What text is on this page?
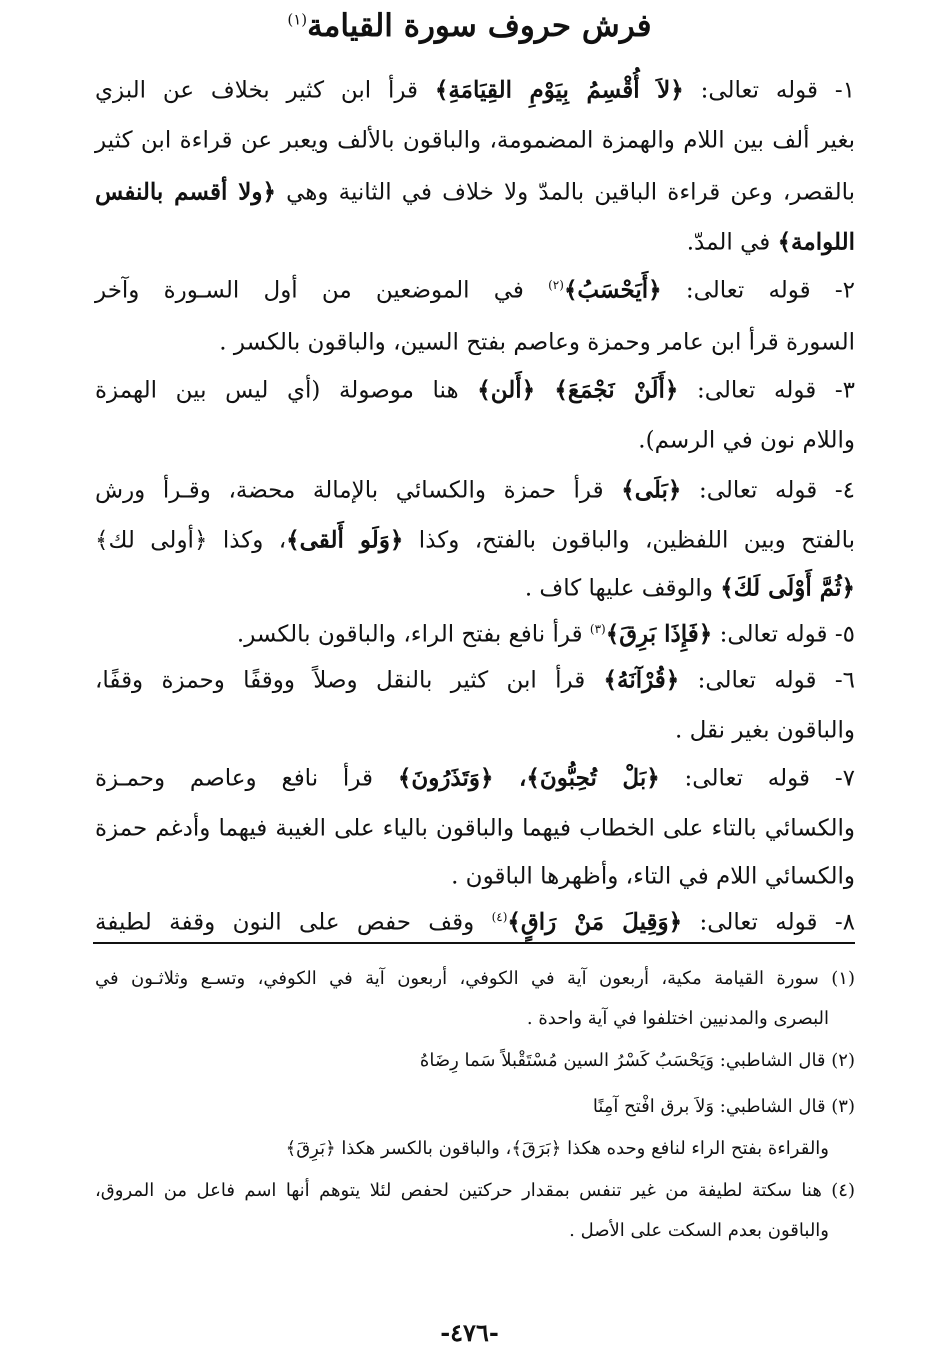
فرش حروف سورة القيامة$^{(١)}$
١- قوله تعالى: ﴿لاَ أُقْسِمُ بِيَوْمِ القِيَامَةِ﴾ قرأ ابن كثير بخلاف عن البزي
بغير ألف بين اللام والهمزة المضمومة، والباقون بالألف ويعبر عن قراءة ابن كثير
بالقصر، وعن قراءة الباقين بالمدّ ولا خلاف في الثانية وهي ﴿ولا أقسم بالنفس
اللوامة﴾ في المدّ.
٢- قوله تعالى: ﴿أَيَحْسَبُ﴾$^{(٢)}$ في الموضعين من أول السـورة وآخر
السورة قرأ ابن عامر وحمزة وعاصم بفتح السين، والباقون بالكسر .
٣- قوله تعالى: ﴿أَلَنْ نَجْمَعَ﴾ ﴿أَلن﴾ هنا موصولة (أي ليس بين الهمزة
واللام نون في الرسم).
٤- قوله تعالى: ﴿بَلَى﴾ قرأ حمزة والكسائي بالإمالة محضة، وقـرأ ورش
بالفتح وبين اللفظين، والباقون بالفتح، وكذا ﴿وَلَو أَلقى﴾، وكذا ﴿أولى لك﴾
﴿ثُمَّ أَوْلَى لَكَ﴾ والوقف عليها كاف .
٥- قوله تعالى: ﴿فَإِذَا بَرِقَ﴾$^{(٣)}$ قرأ نافع بفتح الراء، والباقون بالكسر.
٦- قوله تعالى: ﴿قُرْآنَهُ﴾ قرأ ابن كثير بالنقل وصلاً ووقفًا وحمزة وقفًا،
والباقون بغير نقل .
٧- قوله تعالى: ﴿بَلْ تُحِبُّونَ﴾، ﴿وَتَذَرُونَ﴾ قرأ نافع وعاصم وحمـزة
والكسائي بالتاء على الخطاب فيهما والباقون بالياء على الغيبة فيهما وأدغم حمزة
والكسائي اللام في التاء، وأظهرها الباقون .
٨- قوله تعالى: ﴿وَقِيلَ مَنْ رَاقٍ﴾$^{(٤)}$ وقف حفص على النون وقفة لطيفة
(١) سورة القيامة مكية، أربعون آية في الكوفي، أربعون آية في الكوفي، وتسـع وثلاثـون في
البصرى والمدنيين اختلفوا في آية واحدة .
(٢) قال الشاطبي: وَيَحْسَبُ كَسْرُ السين مُسْتَقْبلاً سَما رِضَاهُ
(٣) قال الشاطبي: وَلاَ برق افْتح آمِنًا
والقراءة بفتح الراء لنافع وحده هكذا ﴿بَرَقَ﴾، والباقون بالكسر هكذا ﴿بَرِقَ﴾
(٤) هنا سكتة لطيفة من غير تنفس بمقدار حركتين لحفص لئلا يتوهم أنها اسم فاعل من المروق،
والباقون بعدم السكت على الأصل .
-٤٧٦-
